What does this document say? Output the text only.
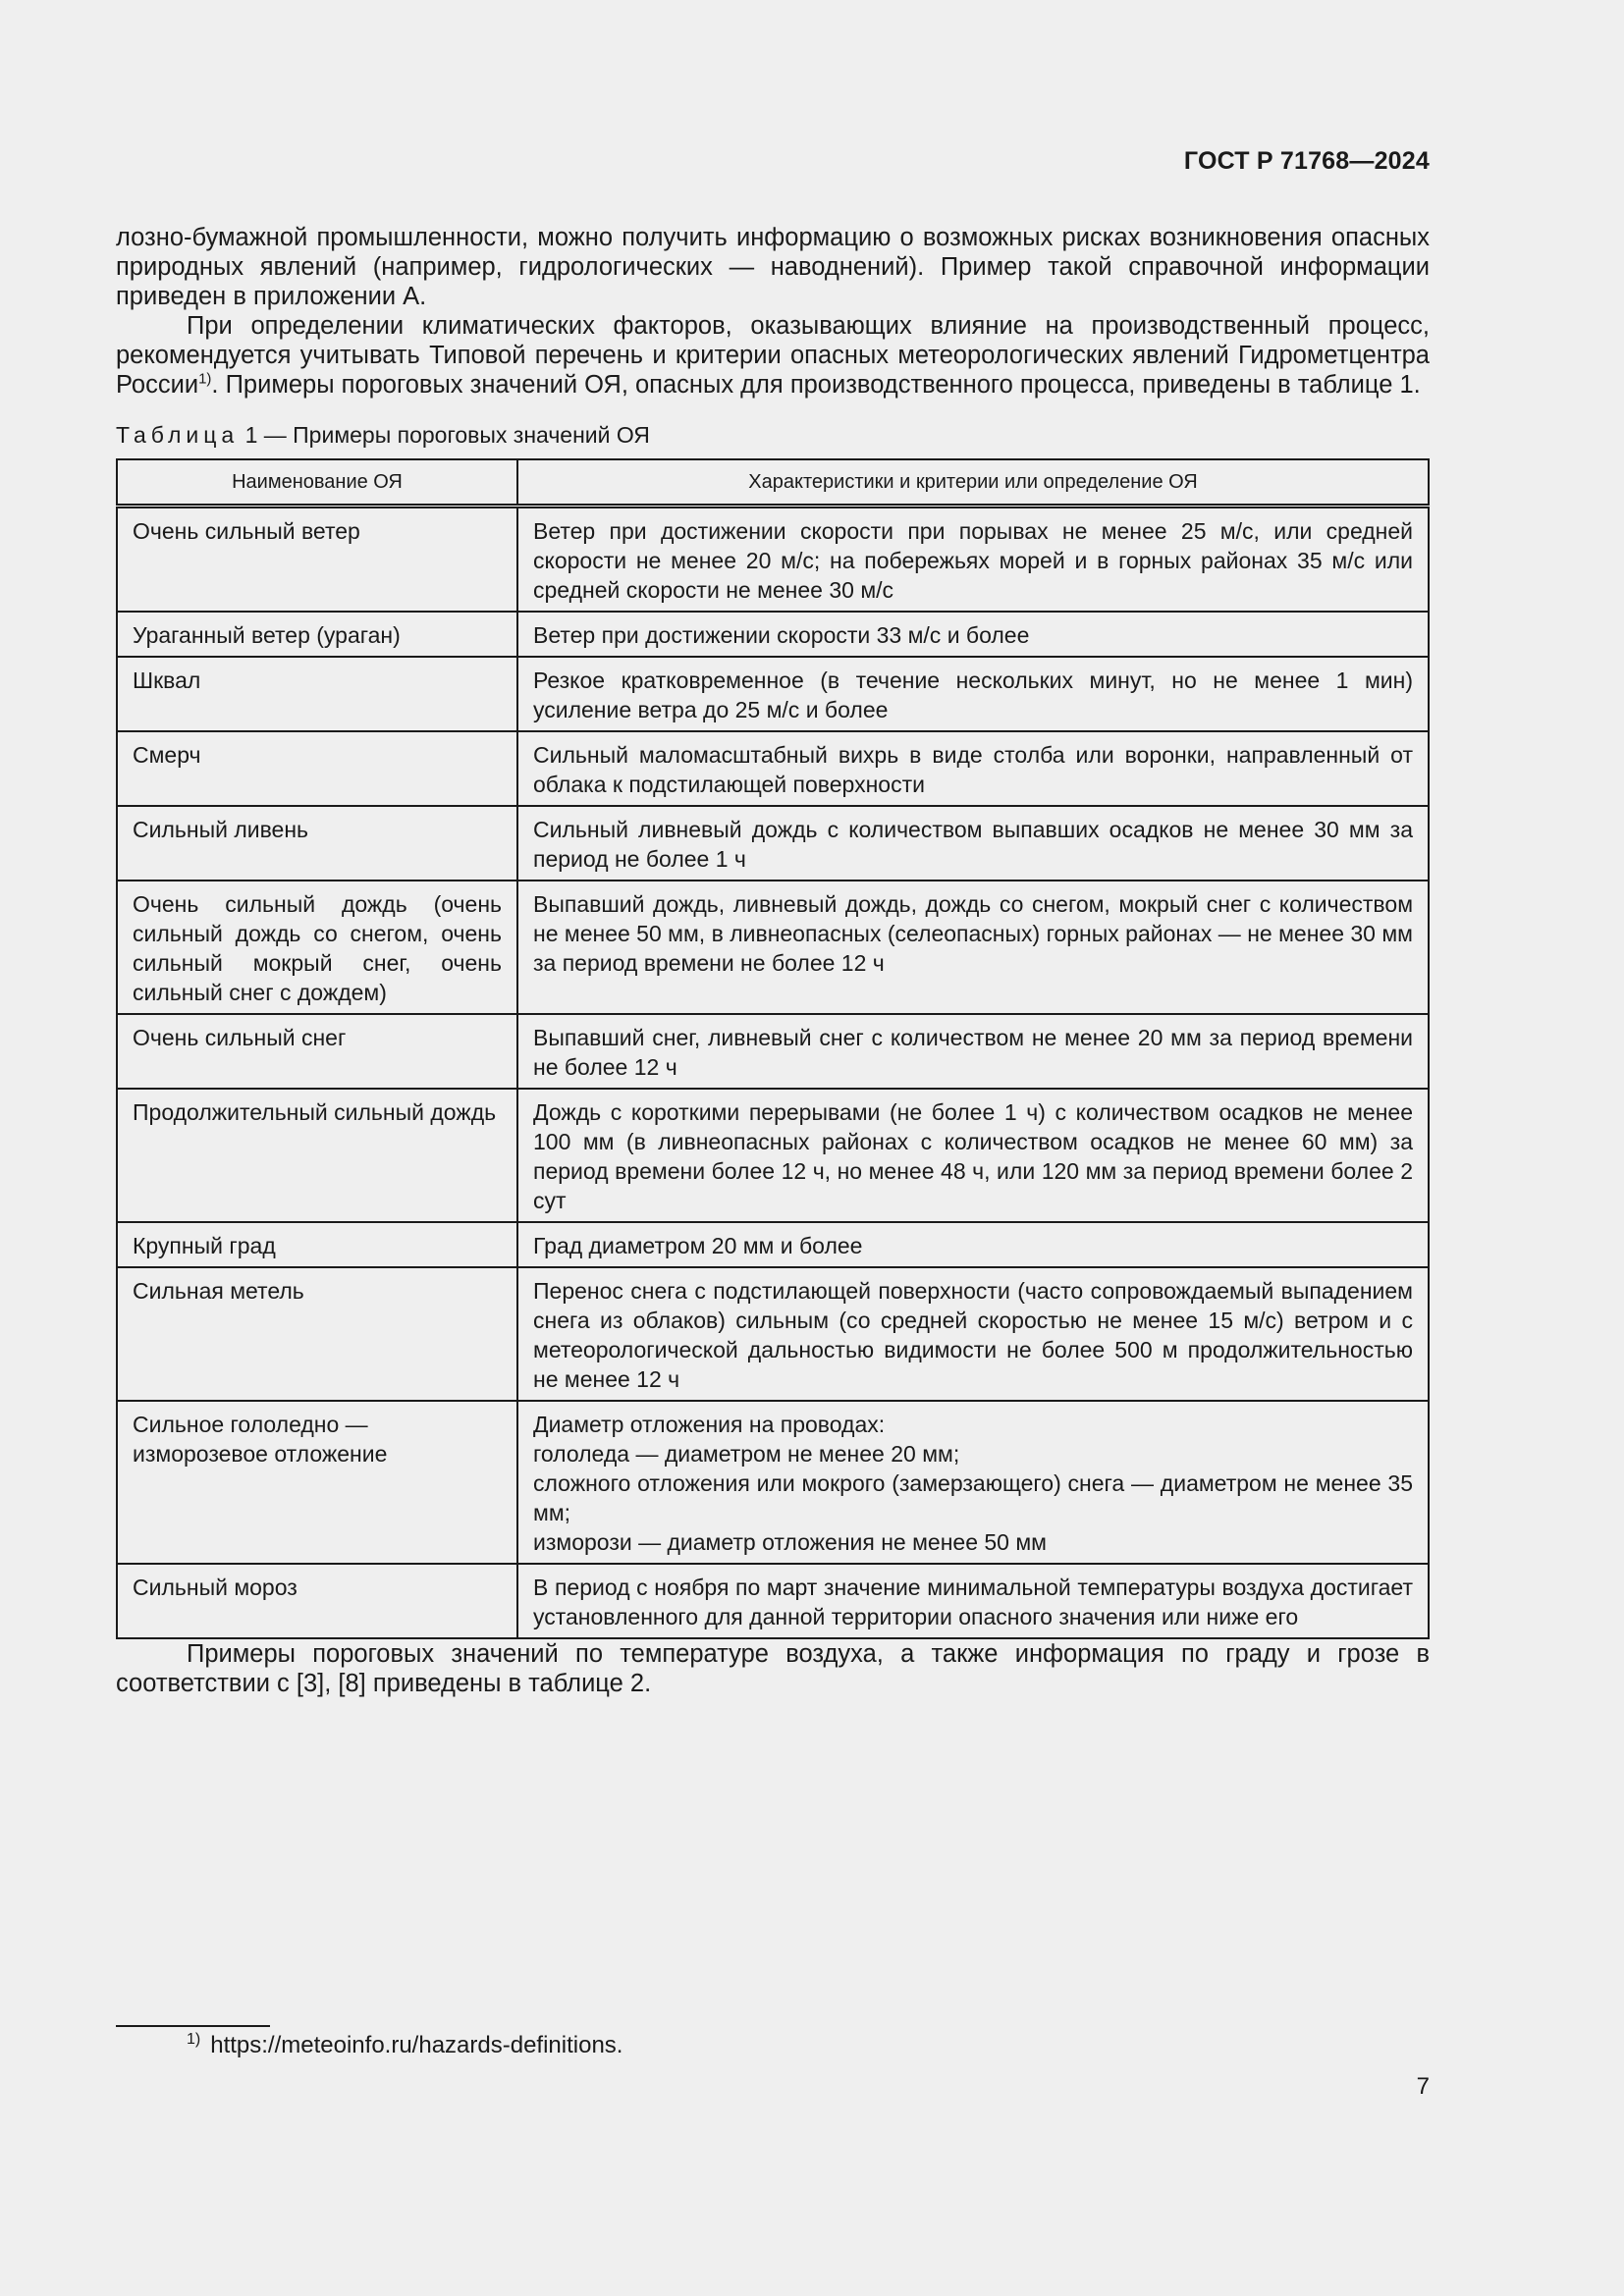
ГОСТ Р 71768—2024

лозно-бумажной промышленности, можно получить информацию о возможных рисках возникновения опасных природных явлений (например, гидрологических — наводнений). Пример такой справочной информации приведен в приложении А.

При определении климатических факторов, оказывающих влияние на производственный процесс, рекомендуется учитывать Типовой перечень и критерии опасных метеорологических явлений Гидрометцентра России$^{1)}$. Примеры пороговых значений ОЯ, опасных для производственного процесса, приведены в таблице 1.

Таблица 1 — Примеры пороговых значений ОЯ
Наименование ОЯ	Характеристики и критерии или определение ОЯ
Очень сильный ветер	Ветер при достижении скорости при порывах не менее 25 м/с, или средней скорости не менее 20 м/с; на побережьях морей и в горных районах 35 м/с или средней скорости не менее 30 м/с
Ураганный ветер (ураган)	Ветер при достижении скорости 33 м/с и более
Шквал	Резкое кратковременное (в течение нескольких минут, но не менее 1 мин) усиление ветра до 25 м/с и более
Смерч	Сильный маломасштабный вихрь в виде столба или воронки, направленный от облака к подстилающей поверхности
Сильный ливень	Сильный ливневый дождь с количеством выпавших осадков не менее 30 мм за период не более 1 ч
Очень сильный дождь (очень сильный дождь со снегом, очень сильный мокрый снег, очень сильный снег с дождем)	Выпавший дождь, ливневый дождь, дождь со снегом, мокрый снег с количеством не менее 50 мм, в ливнеопасных (селеопасных) горных районах — не менее 30 мм за период времени не более 12 ч
Очень сильный снег	Выпавший снег, ливневый снег с количеством не менее 20 мм за период времени не более 12 ч
Продолжительный сильный дождь	Дождь с короткими перерывами (не более 1 ч) с количеством осадков не менее 100 мм (в ливнеопасных районах с количеством осадков не менее 60 мм) за период времени более 12 ч, но менее 48 ч, или 120 мм за период времени более 2 сут
Крупный град	Град диаметром 20 мм и более
Сильная метель	Перенос снега с подстилающей поверхности (часто сопровождаемый выпадением снега из облаков) сильным (со средней скоростью не менее 15 м/с) ветром и с метеорологической дальностью видимости не более 500 м продолжительностью не менее 12 ч
Сильное гололедно — изморозевое отложение	Диаметр отложения на проводах:
гололеда — диаметром не менее 20 мм;
сложного отложения или мокрого (замерзающего) снега — диаметром не менее 35 мм;
изморози — диаметр отложения не менее 50 мм

Сильный мороз	В период с ноября по март значение минимальной температуры воздуха достигает установленного для данной территории опасного значения или ниже его

Примеры пороговых значений по температуре воздуха, а также информация по граду и грозе в соответствии с [3], [8] приведены в таблице 2.

$^{1)}$ https://meteoinfo.ru/hazards-definitions.
7
